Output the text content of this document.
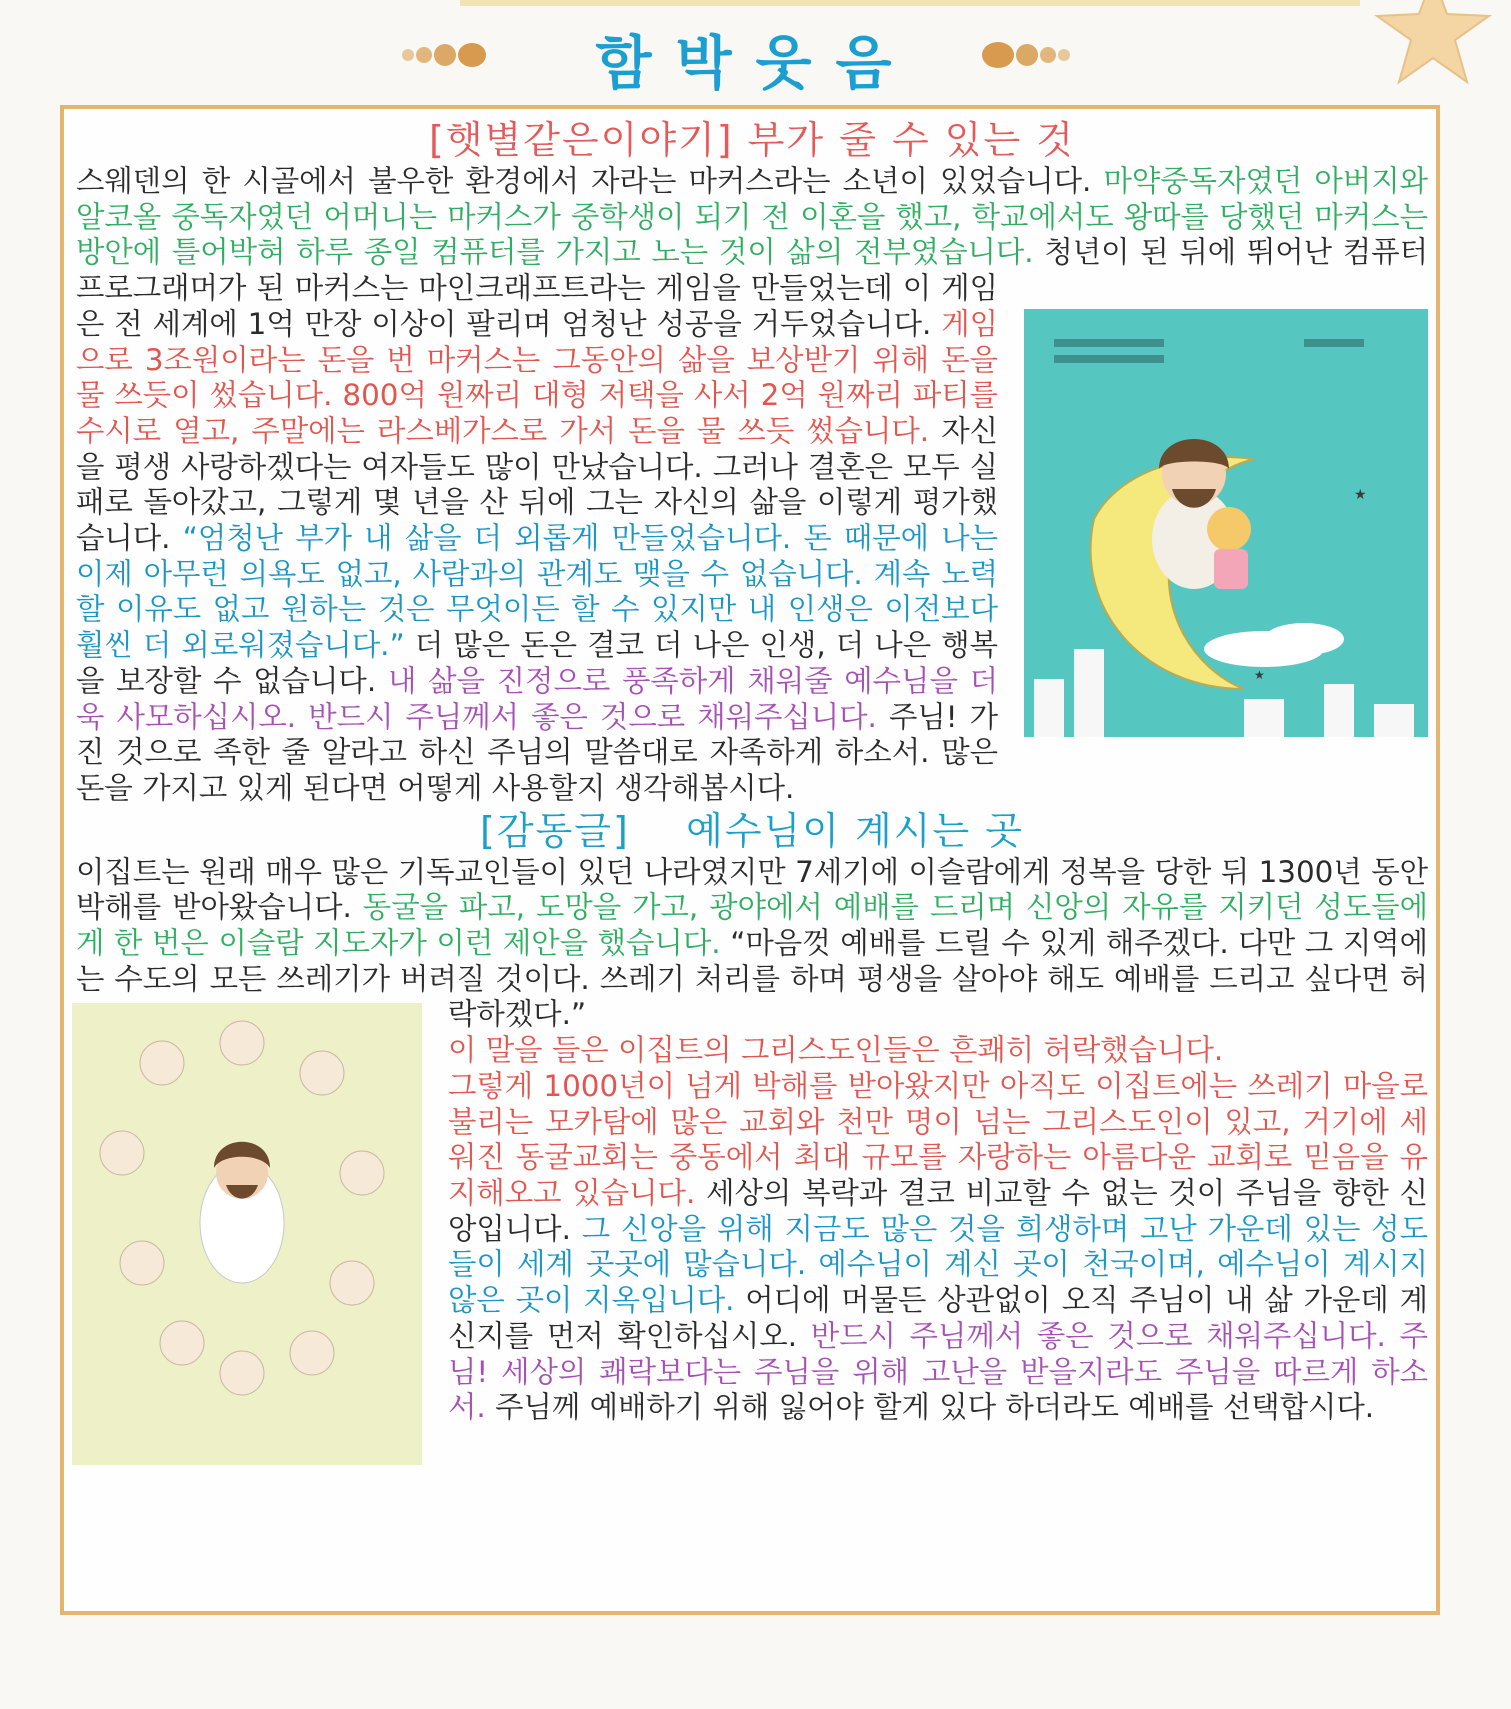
함박웃음
[햇별같은이야기] 부가 줄 수 있는 것

스웨덴의 한 시골에서 불우한 환경에서 자라는 마커스라는 소년이 있었습니다. 마약중독자였던 아버지와 알코올 중독자였던 어머니는 마커스가 중학생이 되기 전 이혼을 했고, 학교에서도 왕따를 당했던 마커스는 방안에 틀어박혀 하루 종일 컴퓨터를 가지고 노는 것이 삶의 전부였습니다.
★
★
청년이 된 뒤에 뛰어난 컴퓨터 프로그래머가 된 마커스는 마인크래프트라는 게임을 만들었는데 이 게임은 전 세계에 1억 만장 이상이 팔리며 엄청난 성공을 거두었습니다. 게임으로 3조원이라는 돈을 번 마커스는 그동안의 삶을 보상받기 위해 돈을 물 쓰듯이 썼습니다. 800억 원짜리 대형 저택을 사서 2억 원짜리 파티를 수시로 열고, 주말에는 라스베가스로 가서 돈을 물 쓰듯 썼습니다. 자신을 평생 사랑하겠다는 여자들도 많이 만났습니다. 그러나 결혼은 모두 실패로 돌아갔고, 그렇게 몇 년을 산 뒤에 그는 자신의 삶을 이렇게 평가했습니다. “엄청난 부가 내 삶을 더 외롭게 만들었습니다. 돈 때문에 나는 이제 아무런 의욕도 없고, 사람과의 관계도 맺을 수 없습니다. 계속 노력할 이유도 없고 원하는 것은 무엇이든 할 수 있지만 내 인생은 이전보다 훨씬 더 외로워졌습니다.” 더 많은 돈은 결코 더 나은 인생, 더 나은 행복을 보장할 수 없습니다. 내 삶을 진정으로 풍족하게 채워줄 예수님을 더욱 사모하십시오. 반드시 주님께서 좋은 것으로 채워주십니다. 주님! 가진 것으로 족한 줄 알라고 하신 주님의 말씀대로 자족하게 하소서. 많은 돈을 가지고 있게 된다면 어떻게 사용할지 생각해봅시다.

[감동글]    예수님이 계시는 곳

이집트는 원래 매우 많은 기독교인들이 있던 나라였지만 7세기에 이슬람에게 정복을 당한 뒤 1300년 동안 박해를 받아왔습니다. 동굴을 파고, 도망을 가고, 광야에서 예배를 드리며 신앙의 자유를 지키던 성도들에게 한 번은 이슬람 지도자가 이런 제안을 했습니다. “마음껏 예배를 드릴 수 있게 해주겠다. 다만 그 지역에는 수도의 모든 쓰레기가 버려질 것이다. 쓰레기 처리를 하며 평생을 살아야 해도 예배를 드리고 싶다면 허락하겠다.”

이 말을 들은 이집트의 그리스도인들은 흔쾌히 허락했습니다.
그렇게 1000년이 넘게 박해를 받아왔지만 아직도 이집트에는 쓰레기 마을로 불리는 모카탐에 많은 교회와 천만 명이 넘는 그리스도인이 있고, 거기에 세워진 동굴교회는 중동에서 최대 규모를 자랑하는 아름다운 교회로 믿음을 유지해오고 있습니다. 세상의 복락과 결코 비교할 수 없는 것이 주님을 향한 신앙입니다. 그 신앙을 위해 지금도 많은 것을 희생하며 고난 가운데 있는 성도들이 세계 곳곳에 많습니다. 예수님이 계신 곳이 천국이며, 예수님이 계시지 않은 곳이 지옥입니다. 어디에 머물든 상관없이 오직 주님이 내 삶 가운데 계신지를 먼저 확인하십시오. 반드시 주님께서 좋은 것으로 채워주십니다. 주님! 세상의 쾌락보다는 주님을 위해 고난을 받을지라도 주님을 따르게 하소서. 주님께 예배하기 위해 잃어야 할게 있다 하더라도 예배를 선택합시다.
